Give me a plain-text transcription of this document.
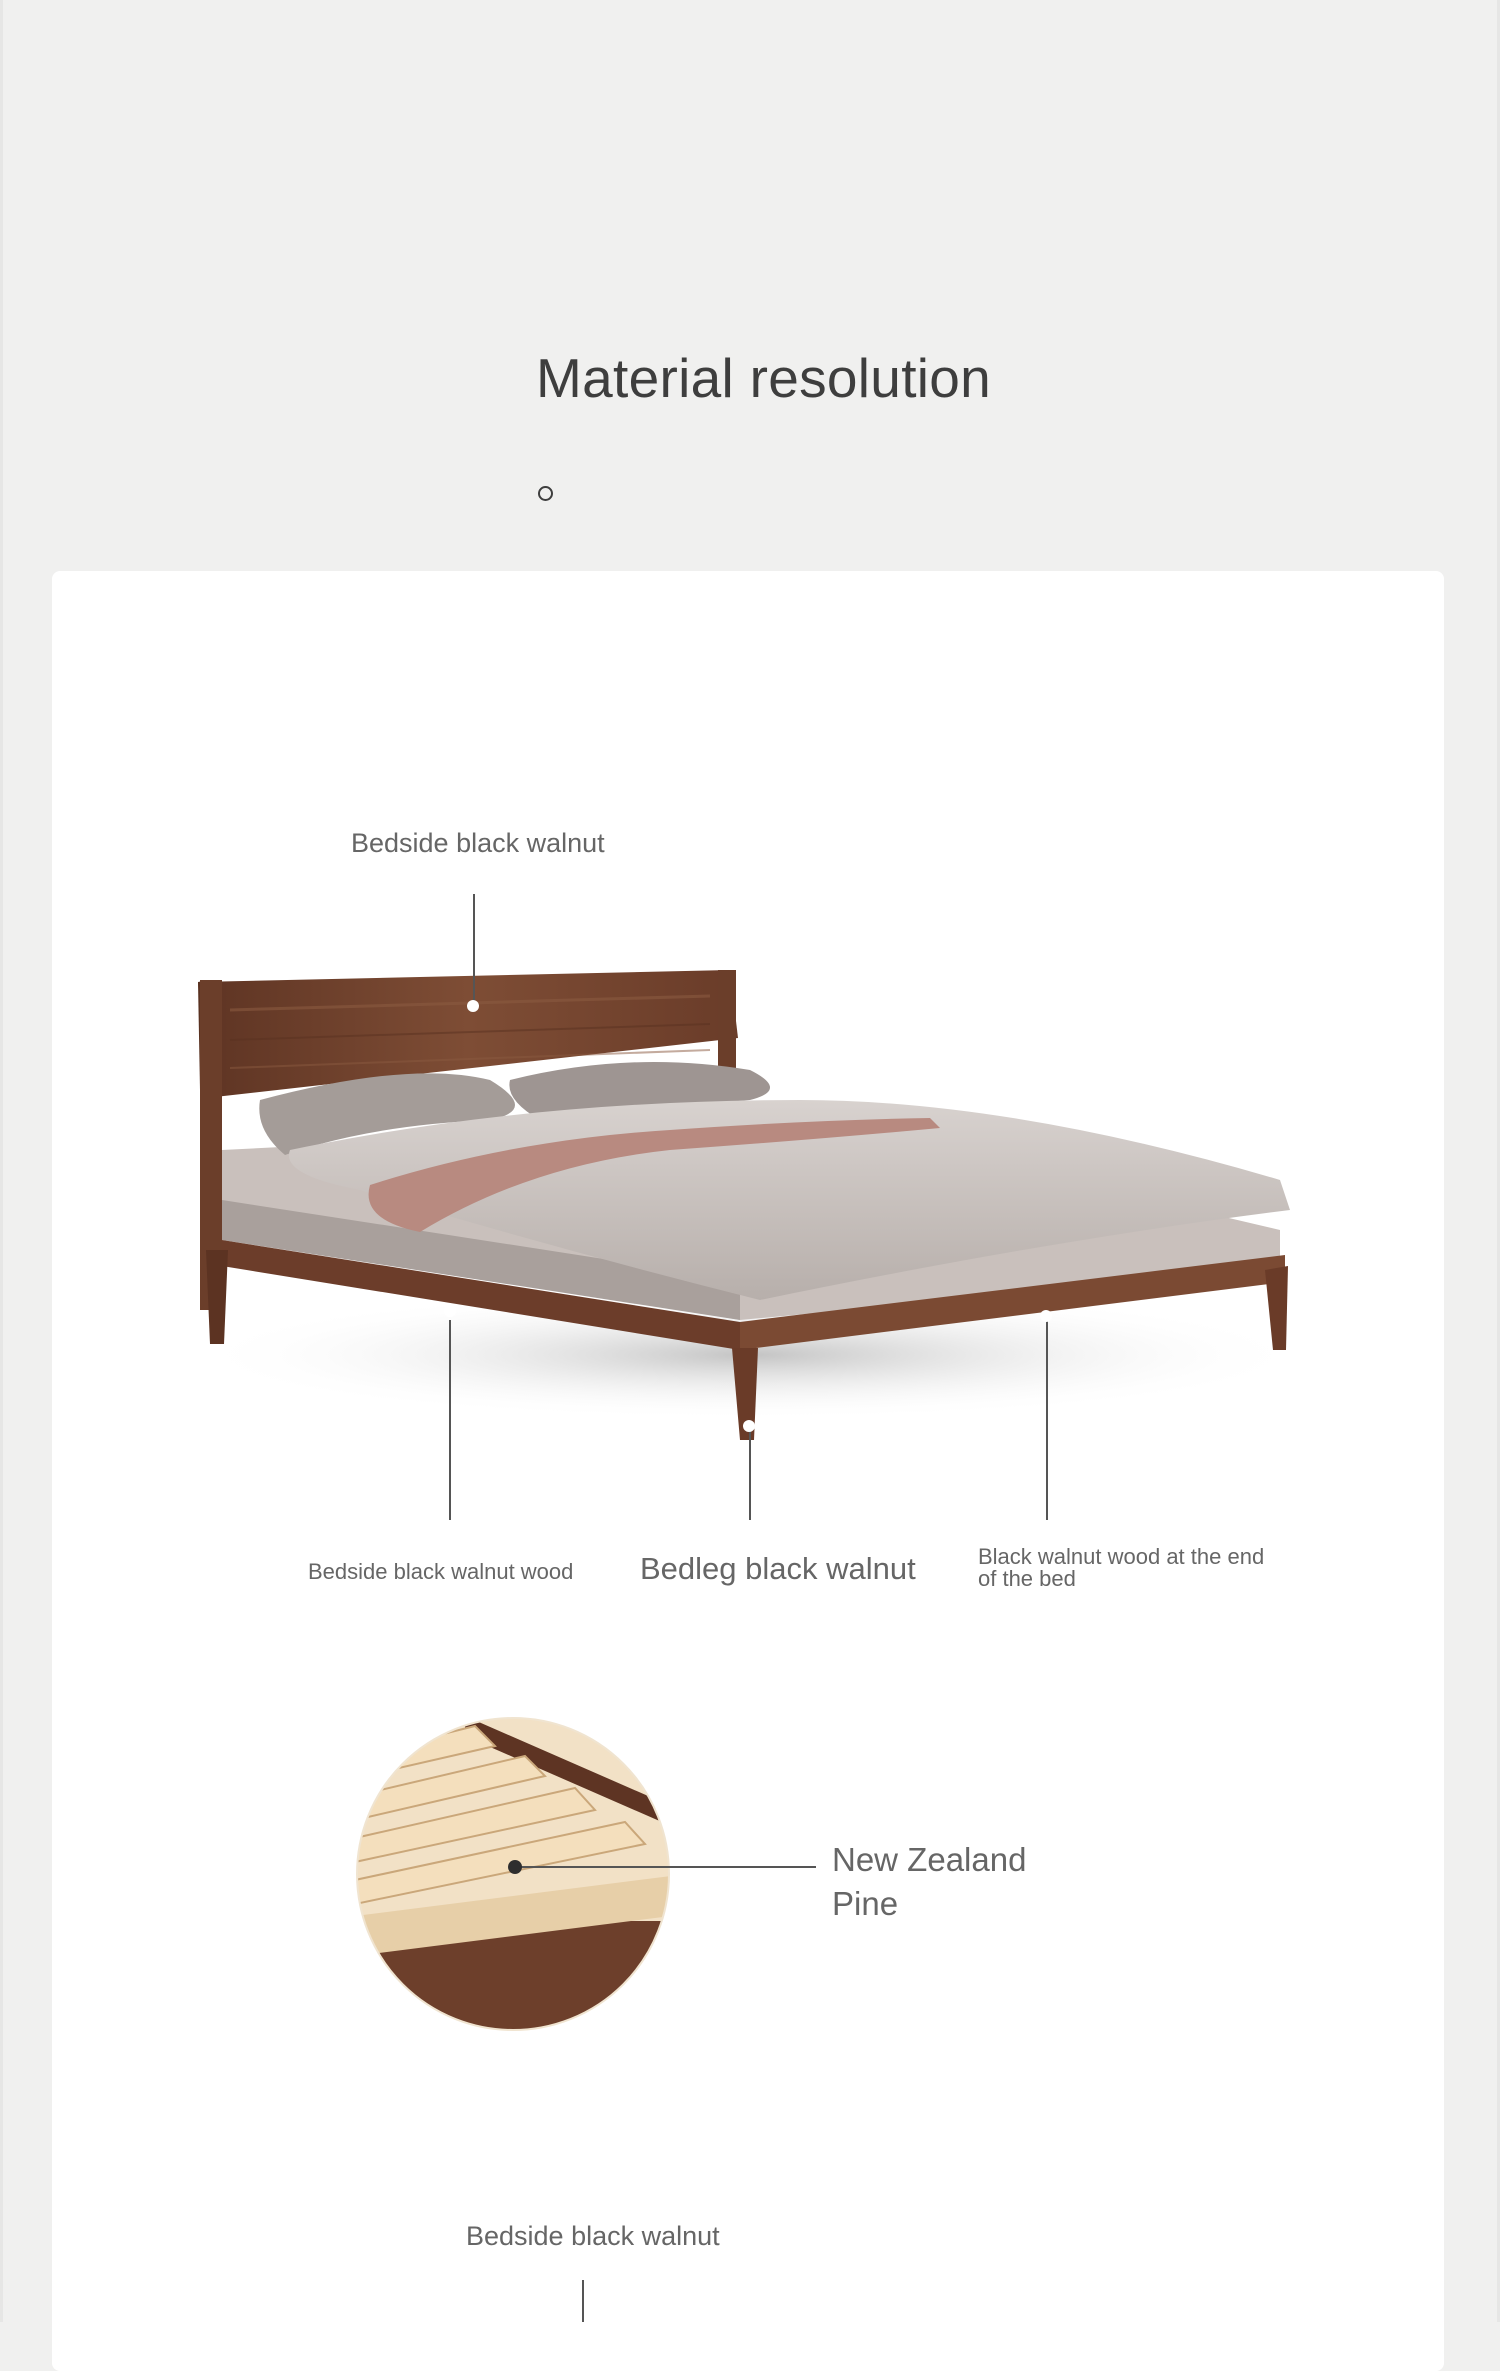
Material resolution
Bedside black walnut
Bedside black walnut wood Bedleg black walnut	Black walnut wood at the end of the bed
New Zealand Pine
Bedside black walnut
